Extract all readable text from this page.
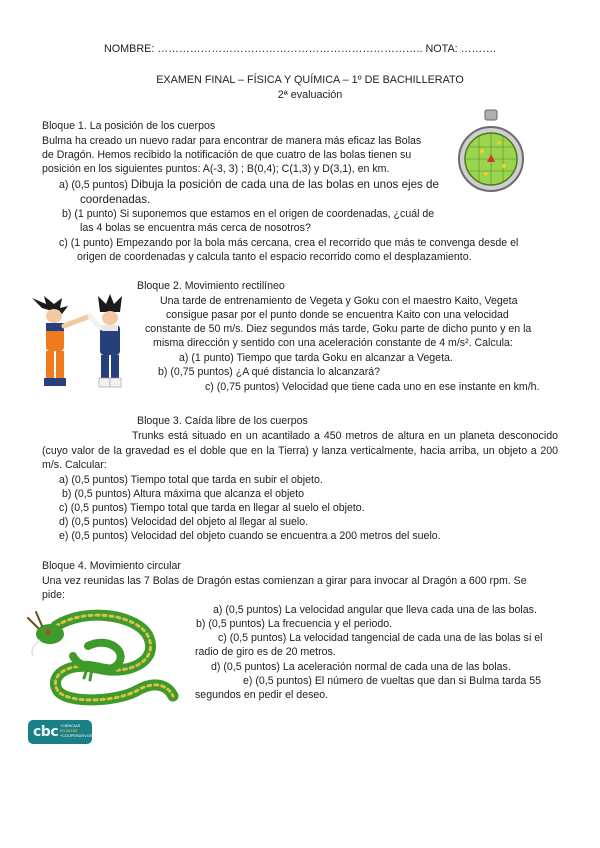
NOMBRE: ……………………………………………………………….. NOTA: ……….
EXAMEN FINAL – FÍSICA Y QUÍMICA – 1º DE BACHILLERATO
2ª evaluación
Bloque 1. La posición de los cuerpos
Bulma ha creado un nuevo radar para encontrar de manera más eficaz las Bolas
de Dragón. Hemos recibido la notificación de que cuatro de las bolas tienen su
posición en los siguientes puntos: A(-3, 3) ; B(0,4); C(1,3) y D(3,1), en km.
a) (0,5 puntos) Dibuja la posición de cada una de las bolas en unos ejes de
coordenadas.
b) (1 punto) Si suponemos que estamos en el origen de coordenadas, ¿cuál de
las 4 bolas se encuentra más cerca de nosotros?
c) (1 punto) Empezando por la bola más cercana, crea el recorrido que más te convenga desde el
origen de coordenadas y calcula tanto el espacio recorrido como el desplazamiento.
Bloque 2. Movimiento rectilíneo
Una tarde de entrenamiento de Vegeta y Goku con el maestro Kaito, Vegeta
consigue pasar por el punto donde se encuentra Kaito con una velocidad
constante de 50 m/s. Diez segundos más tarde, Goku parte de dicho punto y en la
misma dirección y sentido con una aceleración constante de 4 m/s². Calcula:
a) (1 punto) Tiempo que tarda Goku en alcanzar a Vegeta.
b) (0,75 puntos) ¿A qué distancia lo alcanzará?
c) (0,75 puntos) Velocidad que tiene cada uno en ese instante en km/h.
Bloque 3. Caída libre de los cuerpos
Trunks está situado en un acantilado a 450 metros de altura en un planeta desconocido (cuyo valor de la gravedad es el doble que en la Tierra) y lanza verticalmente, hacia arriba, un objeto a 200 m/s. Calcular:
a) (0,5 puntos) Tiempo total que tarda en subir el objeto.
b) (0,5 puntos) Altura máxima que alcanza el objeto
c) (0,5 puntos) Tiempo total que tarda en llegar al suelo el objeto.
d) (0,5 puntos) Velocidad del objeto al llegar al suelo.
e) (0,5 puntos) Velocidad del objeto cuando se encuentra a 200 metros del suelo.
Bloque 4. Movimiento circular
Una vez reunidas las 7 Bolas de Dragón estas comienzan a girar para invocar al Dragón a 600 rpm. Se
pide:
a) (0,5 puntos) La velocidad angular que lleva cada una de las bolas.
b) (0,5 puntos) La frecuencia y el periodo.
c) (0,5 puntos) La velocidad tangencial de cada una de las bolas si el
radio de giro es de 20 metros.
d) (0,5 puntos) La aceleración normal de cada una de las bolas.
e) (0,5 puntos) El número de vueltas que dan si Bulma tarda 55
segundos en pedir el deseo.
cbc +CIENCIAS
BILINGÜE
+COOPERATIVOS
